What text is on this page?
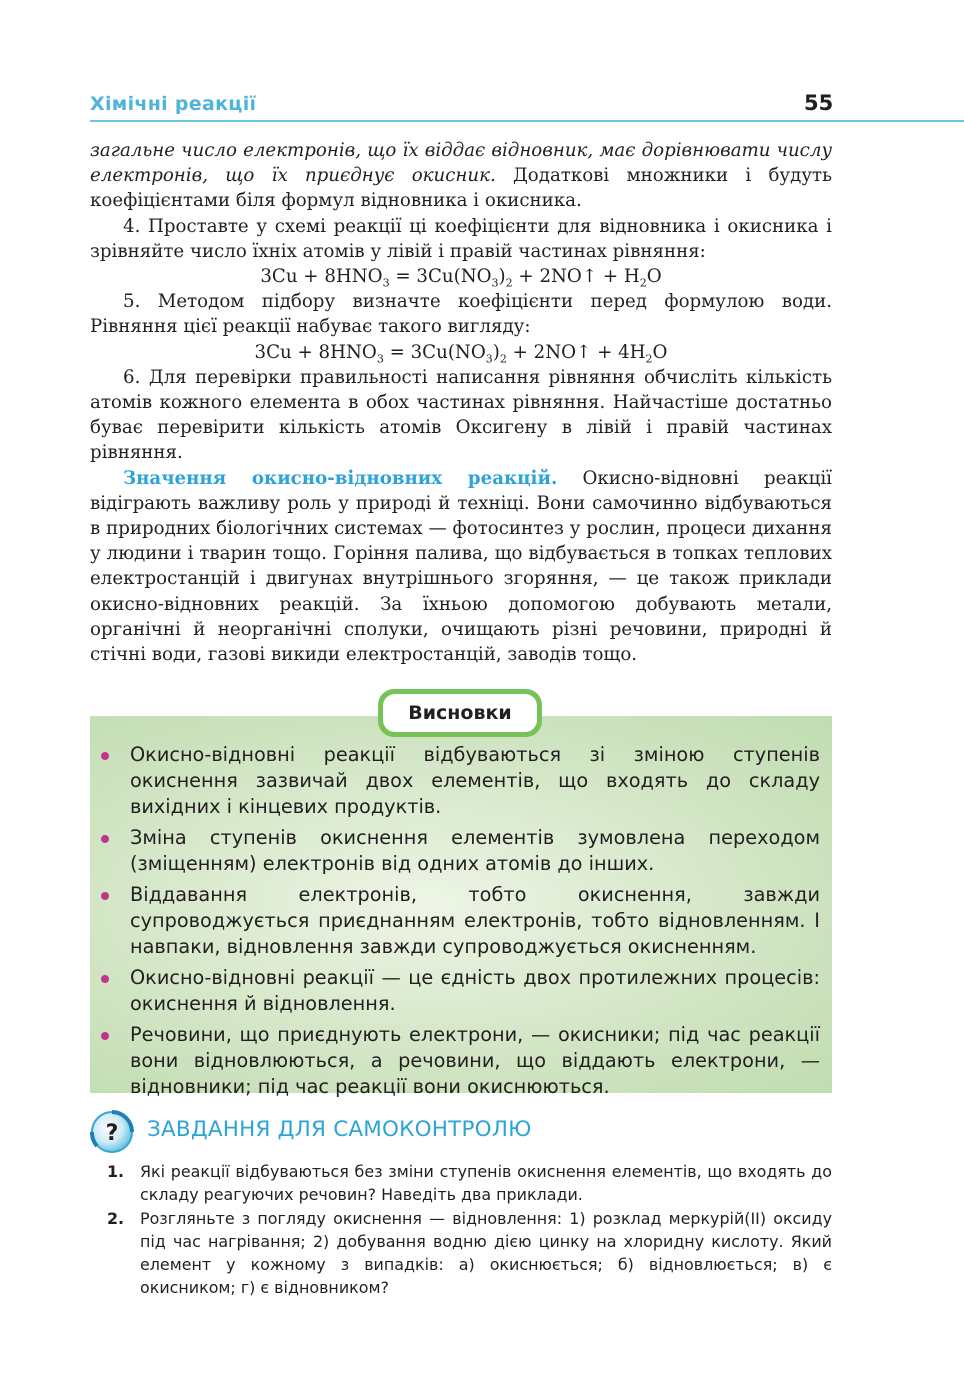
Хімічні реакції	55

загальне число електронів, що їх віддає відновник, має дорівнювати числу електронів, що їх приєднує окисник. Додаткові множники і будуть коефіцієнтами біля формул відновника і окисника.

4. Проставте у схемі реакції ці коефіцієнти для відновника і окисника і зрівняйте число їхніх атомів у лівій і правій частинах рівняння:

$3Cu + 8HNO_3 = 3Cu(NO_3)_2$ + 2NO↑ + $H_2O$

5. Методом підбору визначте коефіцієнти перед формулою води. Рівняння цієї реакції набуває такого вигляду:

$3Cu + 8HNO_3 = 3Cu(NO_3)_2$ + 2NO↑ + $4H_2O$

6. Для перевірки правильності написання рівняння обчисліть кількість атомів кожного елемента в обох частинах рівняння. Найчастіше достатньо буває перевірити кількість атомів Оксигену в лівій і правій частинах рівняння.

Значення окисно-відновних реакцій. Окисно-відновні реакції відіграють важливу роль у природі й техніці. Вони самочинно відбуваються в природних біологічних системах — фотосинтез у рослин, процеси дихання у людини і тварин тощо. Горіння палива, що відбувається в топках теплових електростанцій і двигунах внутрішнього згоряння, — це також приклади окисно-відновних реакцій. За їхньою допомогою добувають метали, органічні й неорганічні сполуки, очищають різні речовини, природні й стічні води, газові викиди електростанцій, заводів тощо.

Висновки
Окисно-відновні реакції відбуваються зі зміною ступенів окиснення зазвичай двох елементів, що входять до складу вихідних і кінцевих продуктів.
Зміна ступенів окиснення елементів зумовлена переходом (зміщенням) електронів від одних атомів до інших.
Віддавання електронів, тобто окиснення, завжди супроводжується приєднанням електронів, тобто відновленням. І навпаки, відновлення завжди супроводжується окисненням.
Окисно-відновні реакції — це єдність двох протилежних процесів: окиснення й відновлення.
Речовини, що приєднують електрони, — окисники; під час реакції вони відновлюються, а речовини, що віддають електрони, — відновники; під час реакції вони окиснюються.
? ЗАВДАННЯ ДЛЯ САМОКОНТРОЛЮ
1. Які реакції відбуваються без зміни ступенів окиснення елементів, що входять до складу реагуючих речовин? Наведіть два приклади.
2. Розгляньте з погляду окиснення — відновлення: 1) розклад меркурій(ІІ) оксиду під час нагрівання; 2) добування водню дією цинку на хлоридну кислоту. Який елемент у кожному з випадків: а) окиснюється; б) відновлюється; в) є окисником; г) є відновником?
